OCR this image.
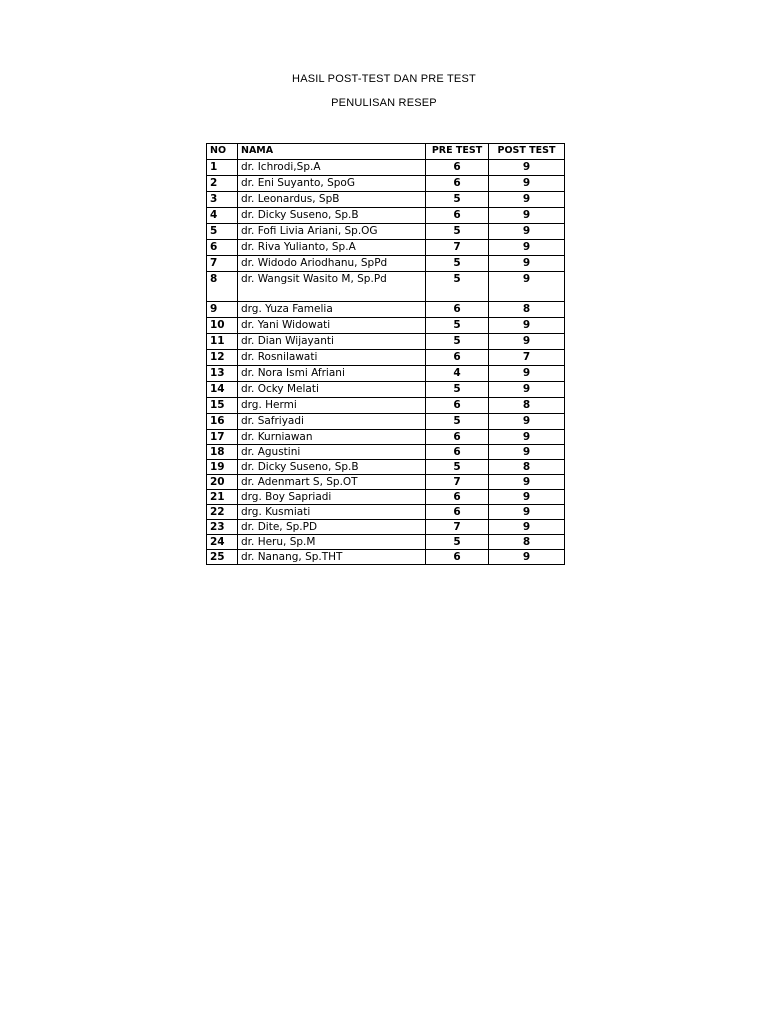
HASIL POST-TEST DAN PRE TEST
PENULISAN RESEP
NO	NAMA	PRE TEST	POST TEST
1	dr. Ichrodi,Sp.A	6	9
2	dr. Eni Suyanto, SpoG	6	9
3	dr. Leonardus, SpB	5	9
4	dr. Dicky Suseno, Sp.B	6	9
5	dr. Fofi Livia Ariani, Sp.OG	5	9
6	dr. Riva Yulianto, Sp.A	7	9
7	dr. Widodo Ariodhanu, SpPd	5	9
8	dr. Wangsit Wasito M, Sp.Pd	5	9
9	drg. Yuza Famelia	6	8
10	dr. Yani Widowati	5	9
11	dr. Dian Wijayanti	5	9
12	dr. Rosnilawati	6	7
13	dr. Nora Ismi Afriani	4	9
14	dr. Ocky Melati	5	9
15	drg. Hermi	6	8
16	dr. Safriyadi	5	9
17	dr. Kurniawan	6	9
18	dr. Agustini	6	9
19	dr. Dicky Suseno, Sp.B	5	8
20	dr. Adenmart S, Sp.OT	7	9
21	drg. Boy Sapriadi	6	9
22	drg. Kusmiati	6	9
23	dr. Dite, Sp.PD	7	9
24	dr. Heru, Sp.M	5	8
25	dr. Nanang, Sp.THT	6	9
